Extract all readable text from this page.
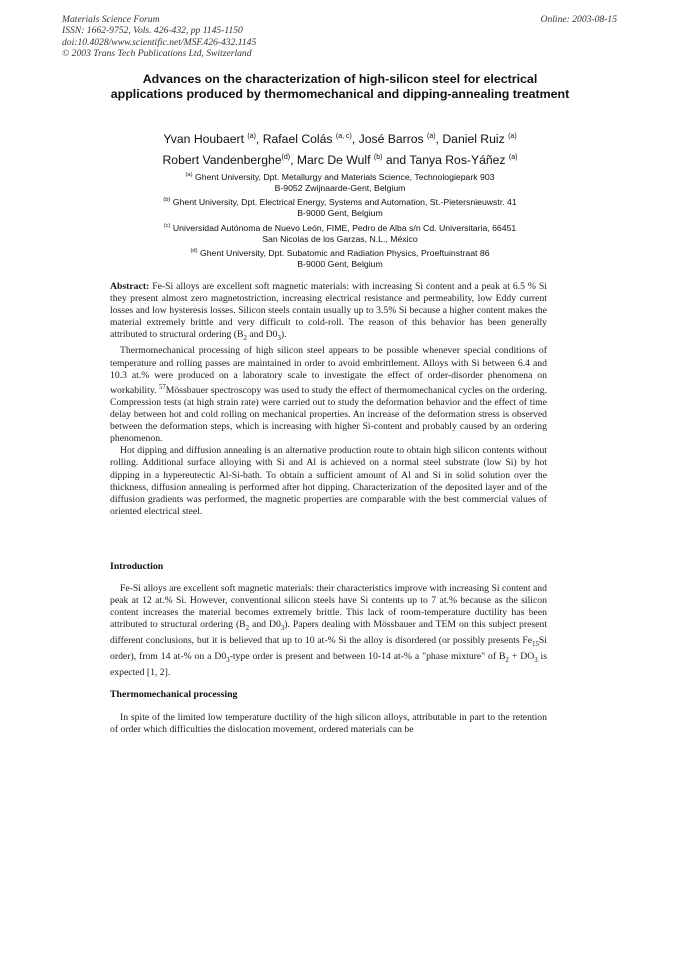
Materials Science Forum
ISSN: 1662-9752, Vols. 426-432, pp 1145-1150
doi:10.4028/www.scientific.net/MSF.426-432.1145
© 2003 Trans Tech Publications Ltd, Switzerland
Online: 2003-08-15
Advances on the characterization of high-silicon steel for electrical applications produced by thermomechanical and dipping-annealing treatment
Yvan Houbaert $^{(a)}$, Rafael Colás $^{(a, c)}$, José Barros $^{(a)}$, Daniel Ruiz $^{(a)}$
Robert Vandenberghe$^{(d)}$, Marc De Wulf $^{(b)}$ and Tanya Ros-Yáñez $^{(a)}$
$^{(a)}$ Ghent University, Dpt. Metallurgy and Materials Science, Technologiepark 903
B-9052 Zwijnaarde-Gent, Belgium
$^{(b)}$ Ghent University, Dpt. Electrical Energy, Systems and Automation, St.-Pietersnieuwstr. 41
B-9000 Gent, Belgium
$^{(c)}$ Universidad Autónoma de Nuevo León, FIME, Pedro de Alba s/n Cd. Universitaria, 66451
San Nicolas de los Garzas, N.L., México
$^{(d)}$ Ghent University, Dpt. Subatomic and Radiation Physics, Proeftuinstraat 86
B-9000 Gent, Belgium

Abstract: Fe-Si alloys are excellent soft magnetic materials: with increasing Si content and a peak at 6.5 % Si they present almost zero magnetostriction, increasing electrical resistance and permeability, low Eddy current losses and low hysteresis losses. Silicon steels contain usually up to 3.5% Si because a higher content makes the material extremely brittle and very difficult to cold-roll. The reason of this behavior has been generally attributed to structural ordering ($B_2$ and $D0_3$).

Thermomechanical processing of high silicon steel appears to be possible whenever special conditions of temperature and rolling passes are maintained in order to avoid embrittlement. Alloys with Si between 6.4 and 10.3 at.% were produced on a laboratory scale to investigate the effect of order-disorder phenomena on workability. $^{57}$Mössbauer spectroscopy was used to study the effect of thermomechanical cycles on the ordering. Compression tests (at high strain rate) were carried out to study the deformation behavior and the effect of time delay between hot and cold rolling on mechanical properties. An increase of the deformation stress is observed between the deformation steps, which is increasing with higher Si-content and probably caused by an ordering phenomenon.

Hot dipping and diffusion annealing is an alternative production route to obtain high silicon contents without rolling. Additional surface alloying with Si and Al is achieved on a normal steel substrate (low Si) by hot dipping in a hypereutectic Al-Si-bath. To obtain a sufficient amount of Al and Si in solid solution over the thickness, diffusion annealing is performed after hot dipping. Characterization of the deposited layer and of the diffusion gradients was performed, the magnetic properties are comparable with the best commercial values of oriented electrical steel.

Introduction

Fe-Si alloys are excellent soft magnetic materials: their characteristics improve with increasing Si content and peak at 12 at.% Si. However, conventional silicon steels have Si contents up to 7 at.% because as the silicon content increases the material becomes extremely brittle. This lack of room-temperature ductility has been attributed to structural ordering ($B_2$ and $D0_3$). Papers dealing with Mössbauer and TEM on this subject present different conclusions, but it is believed that up to 10 at-% Si the alloy is disordered (or possibly presents $Fe_{15}Si$ order), from 14 at-% on a $D0_3$-type order is present and between 10-14 at-% a "phase mixture" of $B_2 + DO_3$ is expected [1, 2].

Thermomechanical processing

In spite of the limited low temperature ductility of the high silicon alloys, attributable in part to the retention of order which difficulties the dislocation movement, ordered materials can be
